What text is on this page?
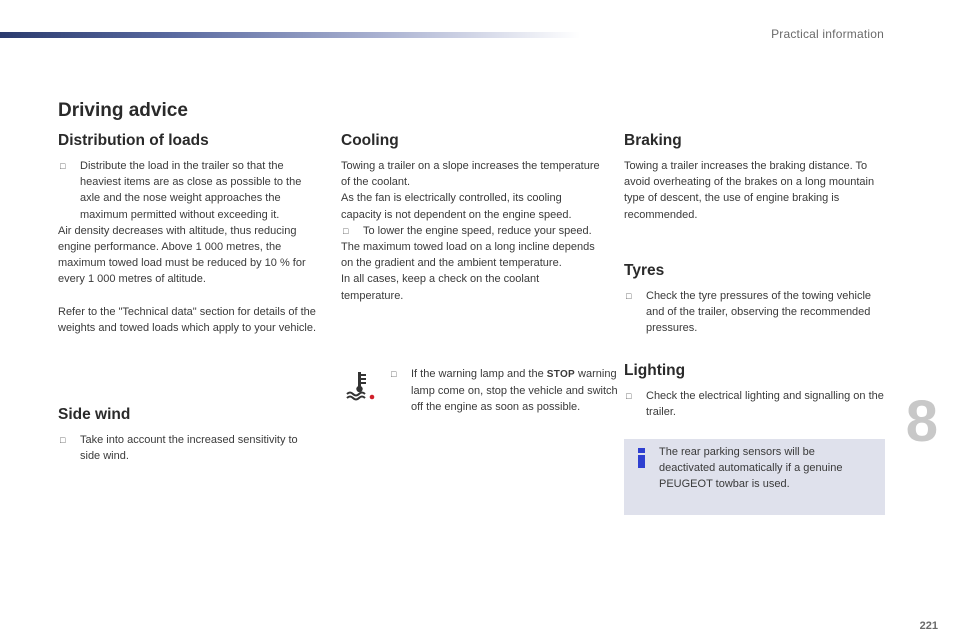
Practical information
Driving advice
Distribution of loads
□ Distribute the load in the trailer so that the heaviest items are as close as possible to the axle and the nose weight approaches the maximum permitted without exceeding it.

Air density decreases with altitude, thus reducing engine performance. Above 1 000 metres, the maximum towed load must be reduced by 10 % for every 1 000 metres of altitude.

Refer to the "Technical data" section for details of the weights and towed loads which apply to your vehicle.

Side wind
□ Take into account the increased sensitivity to side wind.
Cooling

Towing a trailer on a slope increases the temperature of the coolant.

As the fan is electrically controlled, its cooling capacity is not dependent on the engine speed.

□ To lower the engine speed, reduce your speed.

The maximum towed load on a long incline depends on the gradient and the ambient temperature.

In all cases, keep a check on the coolant temperature.

□ If the warning lamp and the STOP warning lamp come on, stop the vehicle and switch off the engine as soon as possible.
Braking

Towing a trailer increases the braking distance. To avoid overheating of the brakes on a long mountain type of descent, the use of engine braking is recommended.

Tyres
□ Check the tyre pressures of the towing vehicle and of the trailer, observing the recommended pressures.
Lighting
□ Check the electrical lighting and signalling on the trailer.
The rear parking sensors will be deactivated automatically if a genuine PEUGEOT towbar is used.
8
221
